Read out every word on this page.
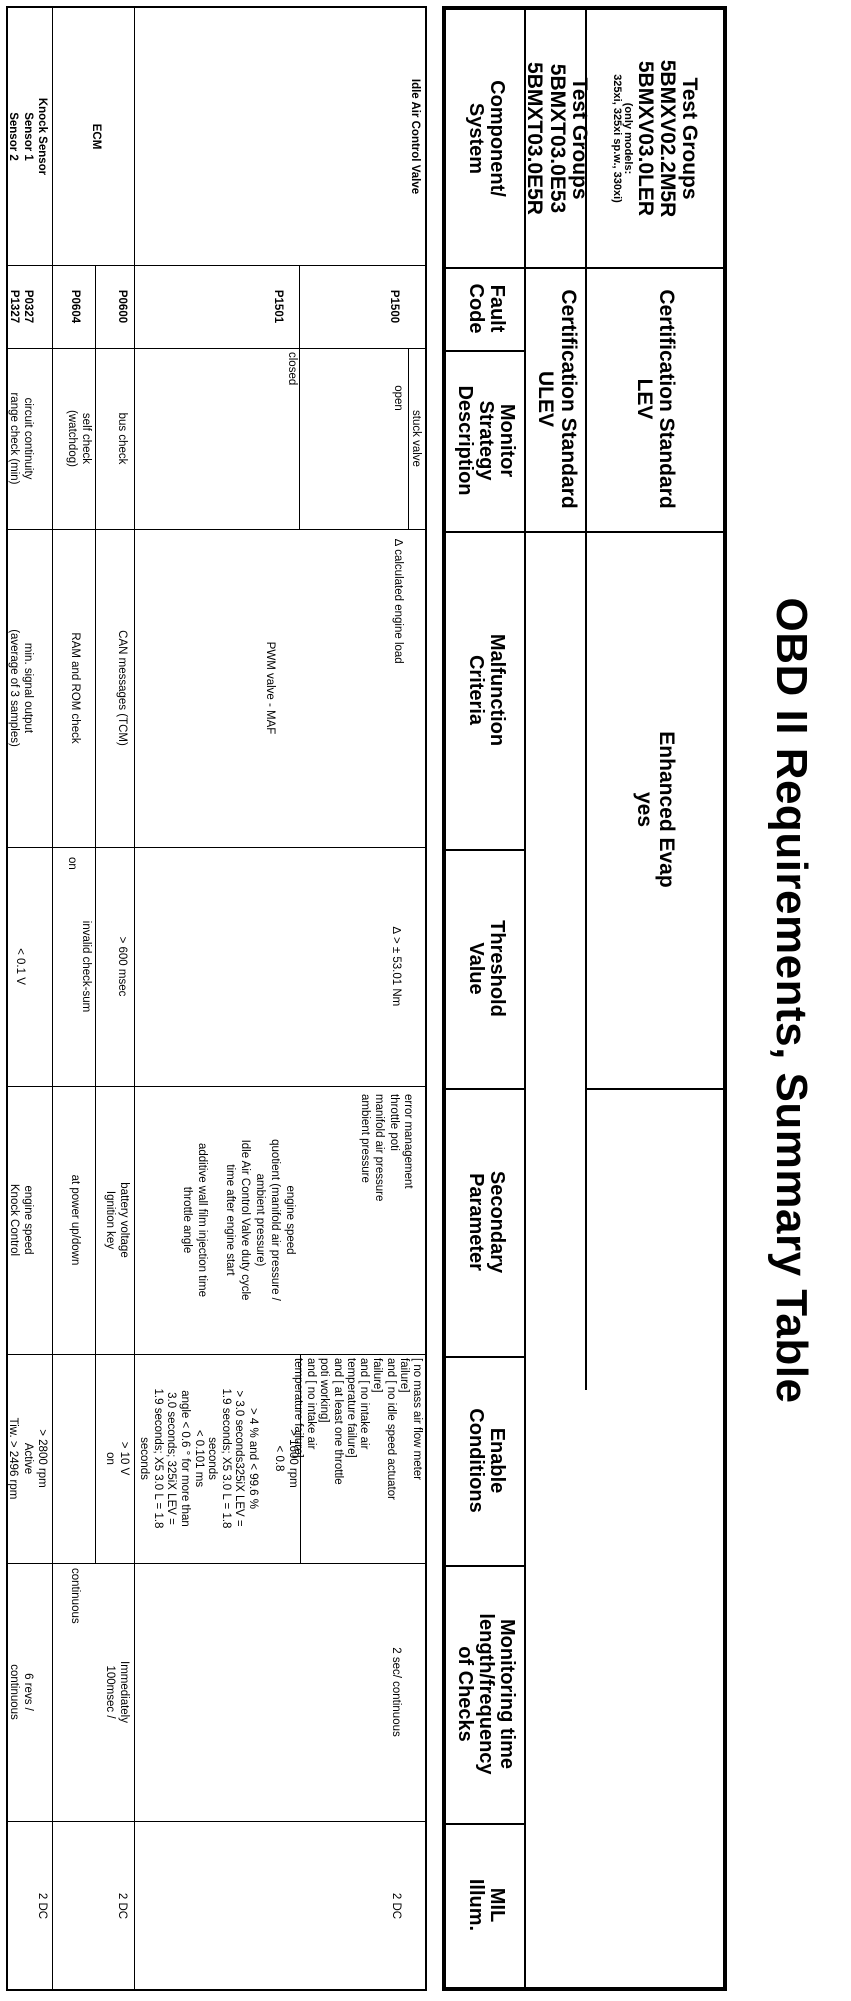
OBD II Requirements, Summary Table
Test Groups
5BMXV02.2M5R
5BMXV03.0LER
(only models:
325xi, 325xi sp.w., 330xi)
Test Groups
5BMXT03.0E53
5BMXT03.0E5R
Certification Standard
LEV
Certification Standard
ULEV
Enhanced Evap
yes
Component/
System
Fault
Code
Monitor
Strategy
Description
Malfunction
Criteria
Threshold
Value
Secondary
Parameter
Enable
Conditions
Monitoring time
length/frequency
of Checks
MIL
Illum.
Idle Air Control Valve
stuck valve
P1500
open
∆ calculated engine load
∆ > ± 53.01 Nm
error management
throttle poti
manifold air pressure
ambient pressure
[ no mass air flow meter
failure]
and [ no idle speed actuator
failure]
and [ no intake air
temperature failure]
and [ at least one throttle
poti working]
and [ no intake air
temperature failure]
2 sec/ continuous
2 DC
P1501
closed
PWM valve - MAF
engine speed
quotient (manifold air pressure /
ambient pressure)
Idle Air Control Valve duty cycle
time after engine start
additive wall film injection time
throttle angle
> 1600 rpm
< 0.8
> 4 % and < 99.6 %
> 3.0 seconds325iX LEV =
1.9 seconds; X5 3.0 L = 1.8
seconds
< 0.101 ms
angle < 0.6 ° for more than
3.0 seconds; 325iX LEV =
1.9 seconds; X5 3.0 L = 1.8
seconds
ECM
P0600
bus check
CAN messages (TCM)
> 600 msec
battery voltage
Ignition key
> 10 V
on
Immediately
100msec /
2 DC
P0604
self check
(watchdog)
RAM and ROM check
invalid check-sum
on
at power up/down
continuous
Knock Sensor
Sensor 1
Sensor 2
P0327
P1327
circuit continuity
range check (min)
min. signal output
(average of 3 samples)
< 0.1 V
engine speed
Knock Control
> 2800 rpm
Active
Tiw. > 2496 rpm
6 revs /
continuous
2 DC
